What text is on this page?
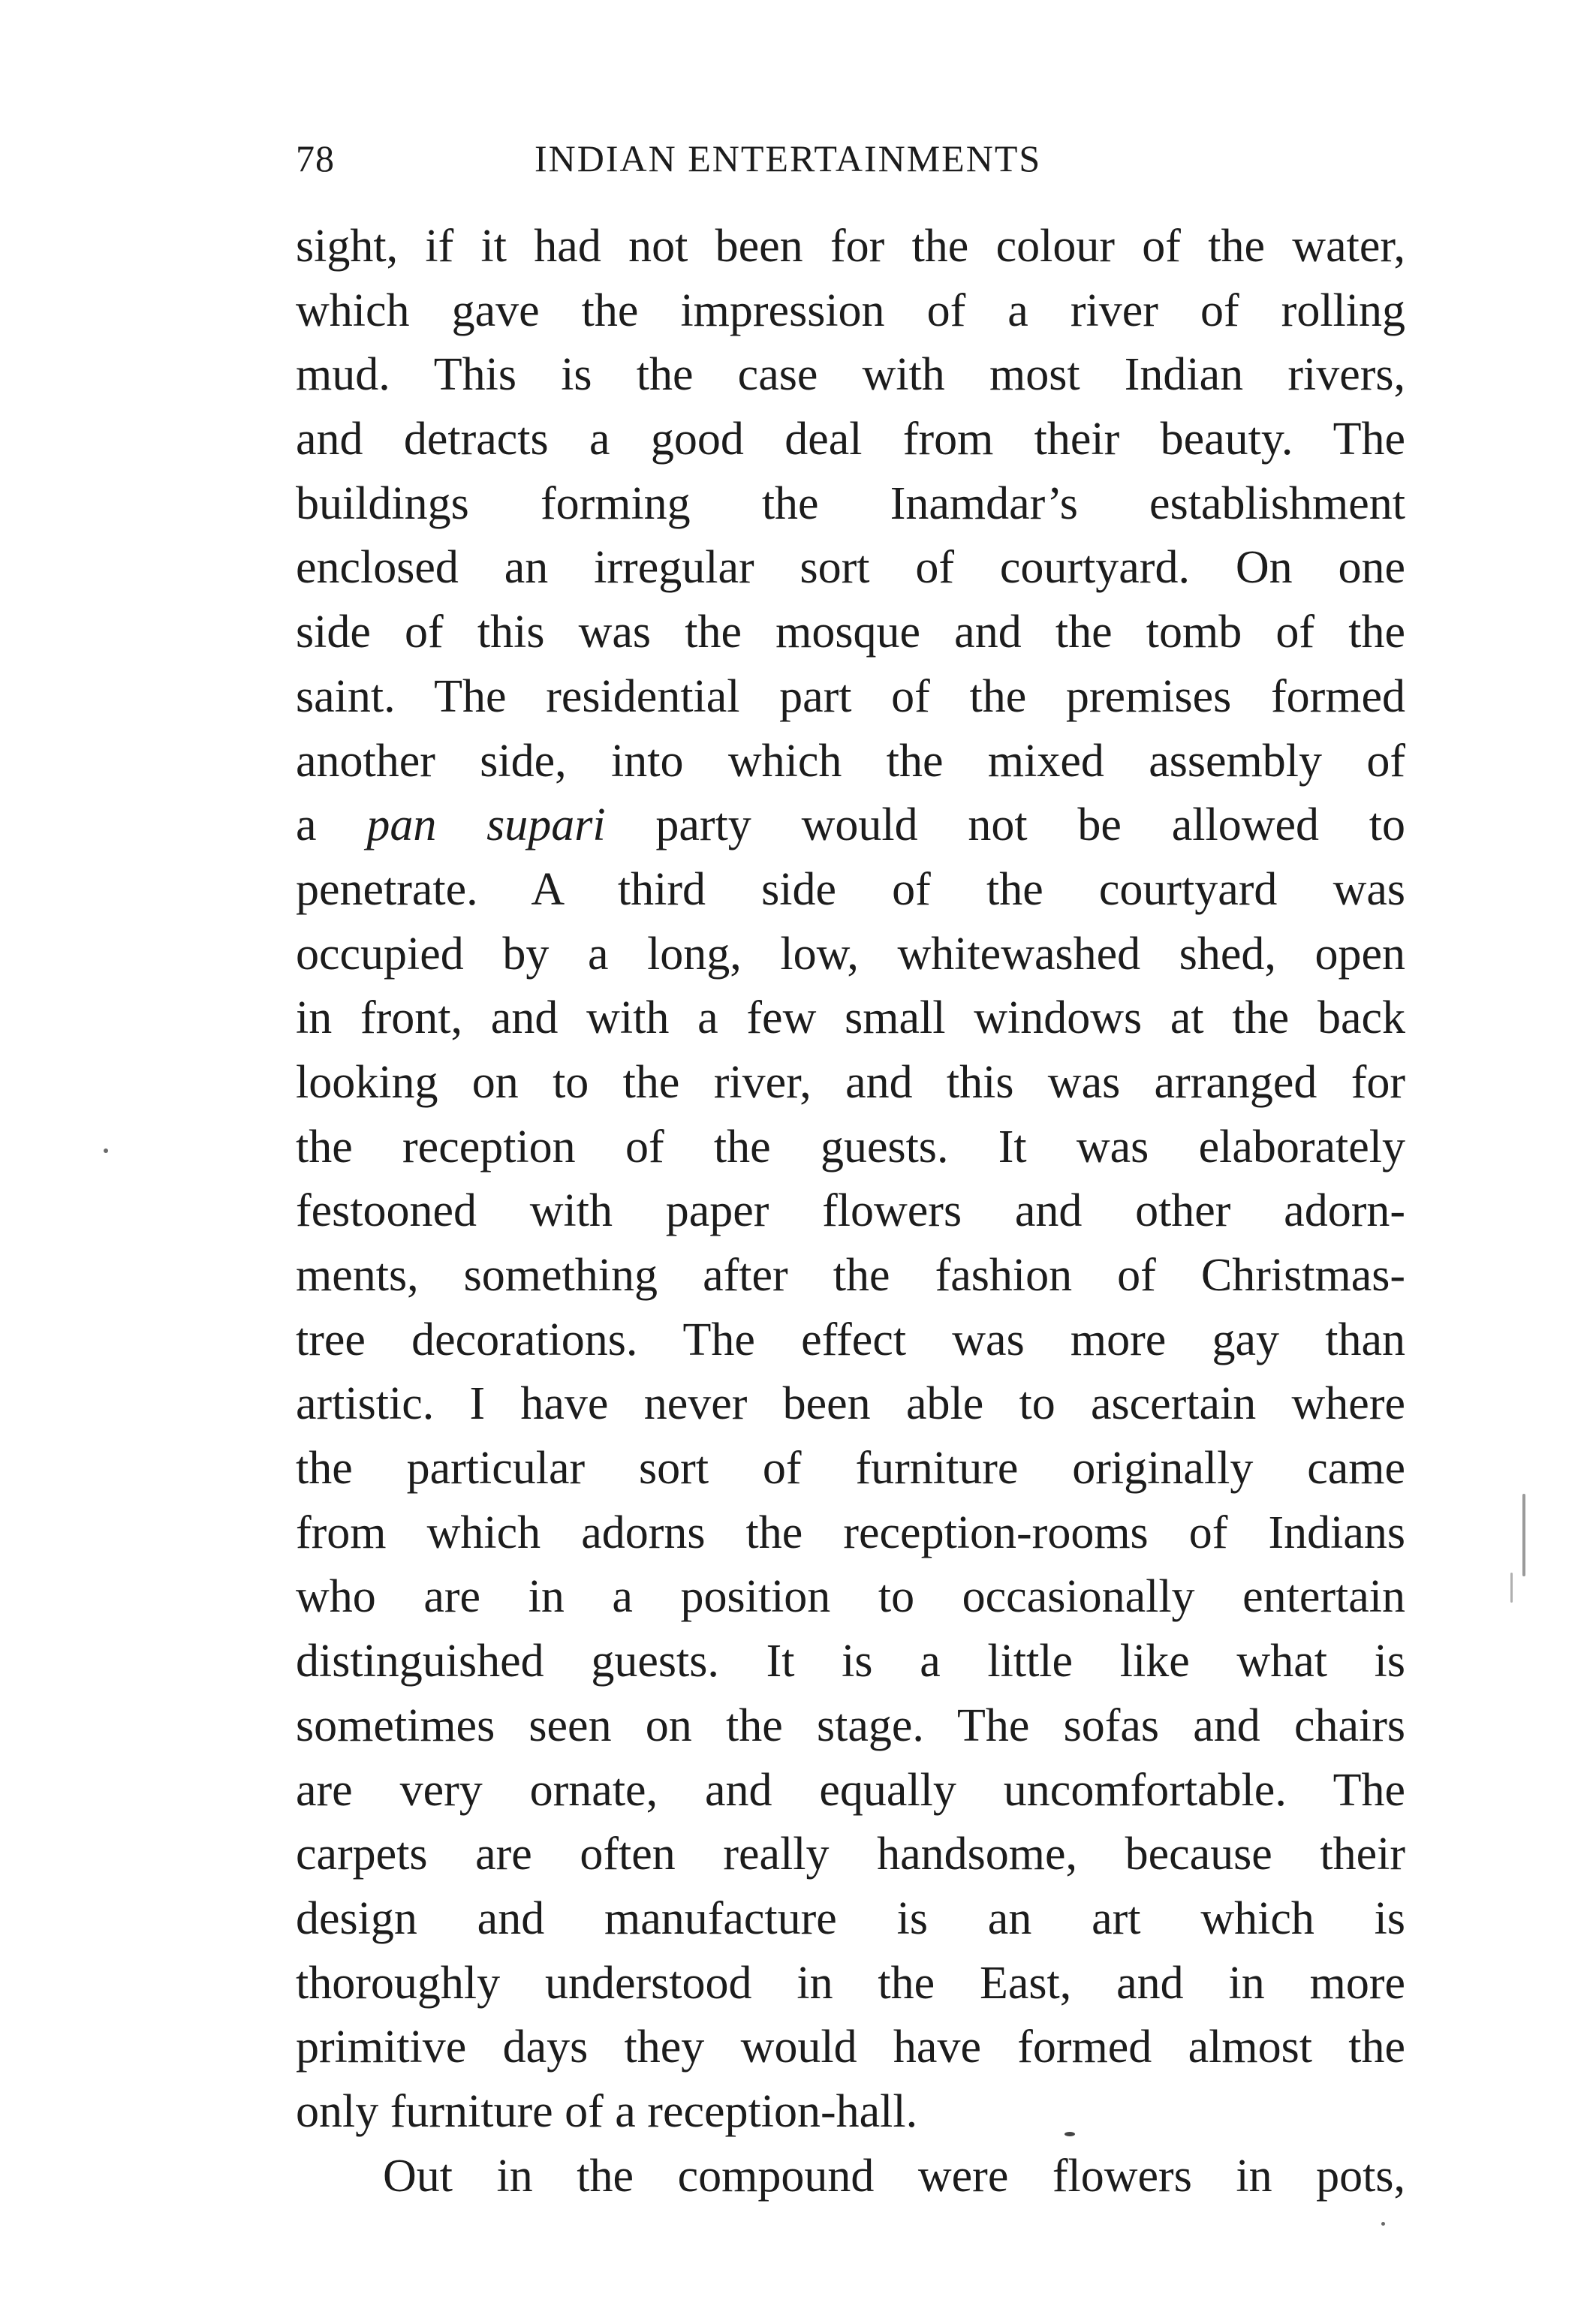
78	INDIAN ENTERTAINMENTS
sight, if it had not been for the colour of the water,
which gave the impression of a river of rolling
mud. This is the case with most Indian rivers,
and detracts a good deal from their beauty. The
buildings forming the Inamdar’s establishment
enclosed an irregular sort of courtyard. On one
side of this was the mosque and the tomb of the
saint. The residential part of the premises formed
another side, into which the mixed assembly of
a pan supari party would not be allowed to
penetrate. A third side of the courtyard was
occupied by a long, low, whitewashed shed, open
in front, and with a few small windows at the back
looking on to the river, and this was arranged for
the reception of the guests. It was elaborately
festooned with paper flowers and other adorn-
ments, something after the fashion of Christmas-
tree decorations. The effect was more gay than
artistic. I have never been able to ascertain where
the particular sort of furniture originally came
from which adorns the reception-rooms of Indians
who are in a position to occasionally entertain
distinguished guests. It is a little like what is
sometimes seen on the stage. The sofas and chairs
are very ornate, and equally uncomfortable. The
carpets are often really handsome, because their
design and manufacture is an art which is
thoroughly understood in the East, and in more
primitive days they would have formed almost the
only furniture of a reception-hall.
Out in the compound were flowers in pots,
